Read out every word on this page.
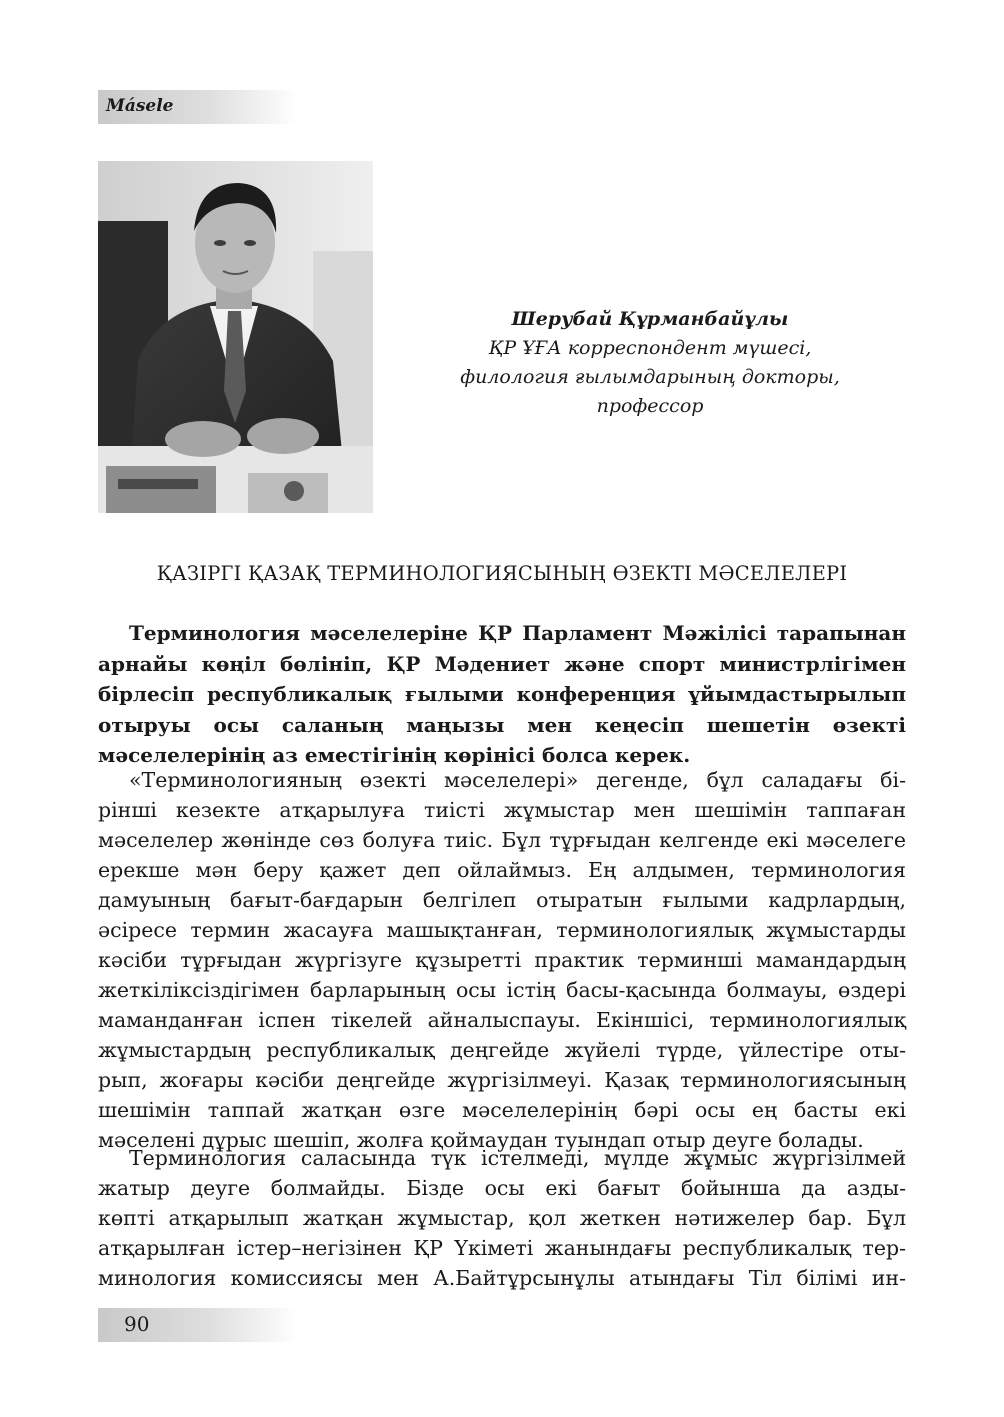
Másele
Шерубай Құрманбайұлы
ҚР ҰҒА корреспондент мүшесі,
филология ғылымдарының докторы,
профессор
ҚАЗІРГІ ҚАЗАҚ ТЕРМИНОЛОГИЯСЫНЫҢ ӨЗЕКТІ МӘСЕЛЕЛЕРІ
Терминология мәселелеріне ҚР Парламент Мәжілісі тарапынан
арнайы көңіл бөлініп, ҚР Мәдениет және спорт министрлігімен
бірлесіп республикалық ғылыми конференция ұйымдастырылып
отыруы осы саланың маңызы мен кеңесіп шешетін өзекті
мәселелерінің аз еместігінің көрінісі болса керек.
«Терминологияның өзекті мәселелері» дегенде, бұл саладағы бі-
рінші кезекте атқарылуға тиісті жұмыстар мен шешімін таппаған
мәселелер жөнінде сөз болуға тиіс. Бұл тұрғыдан келгенде екі мәселеге
ерекше мән беру қажет деп ойлаймыз. Ең алдымен, терминология
дамуының бағыт-бағдарын белгілеп отыратын ғылыми кадрлардың,
әсіресе термин жасауға машықтанған, терминологиялық жұмыстарды
кәсіби тұрғыдан жүргізуге құзыретті практик терминші мамандардың
жеткіліксіздігімен барларының осы істің басы-қасында болмауы, өздері
маманданған іспен тікелей айналыспауы. Екіншісі, терминологиялық
жұмыстардың республикалық деңгейде жүйелі түрде, үйлестіре оты-
рып, жоғары кәсіби деңгейде жүргізілмеуі. Қазақ терминологиясының
шешімін таппай жатқан өзге мәселелерінің бәрі осы ең басты екі
мәселені дұрыс шешіп, жолға қоймаудан туындап отыр деуге болады.
Терминология саласында түк істелмеді, мүлде жұмыс жүргізілмей
жатыр деуге болмайды. Бізде осы екі бағыт бойынша да азды-
көпті атқарылып жатқан жұмыстар, қол жеткен нәтижелер бар. Бұл
атқарылған істер–негізінен ҚР Үкіметі жанындағы республикалық тер-
минология комиссиясы мен А.Байтұрсынұлы атындағы Тіл білімі ин-
90
